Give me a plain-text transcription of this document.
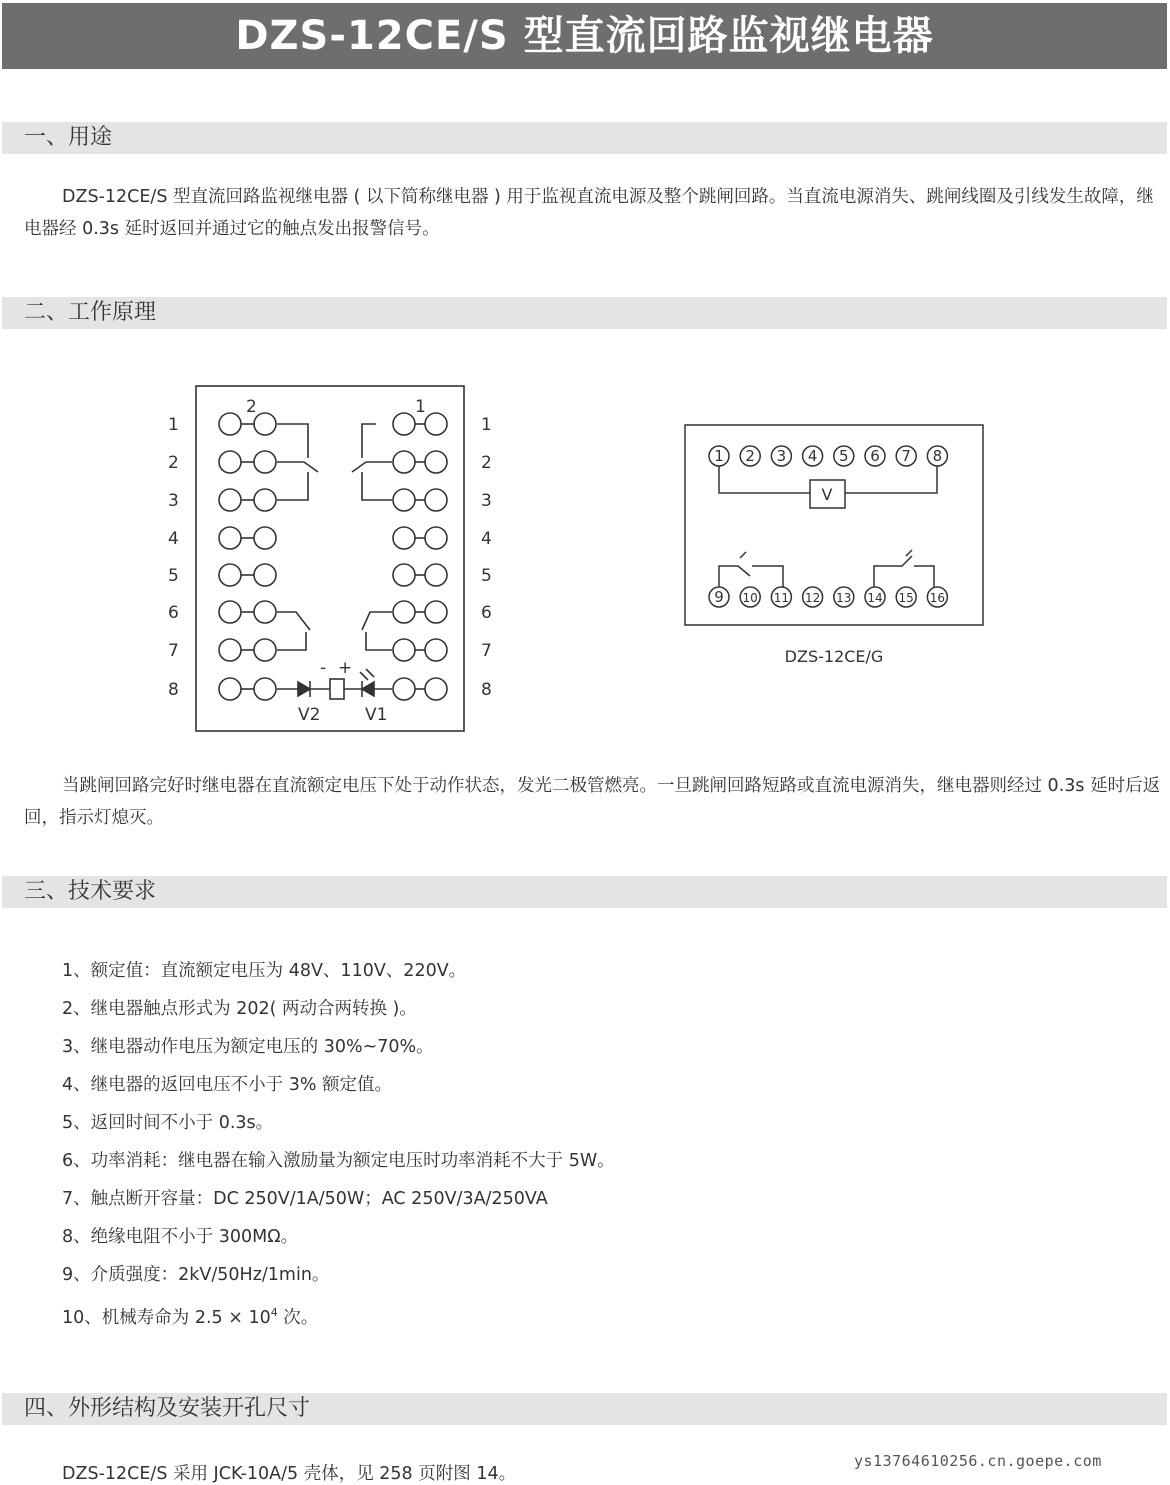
DZS-12CE/S 型直流回路监视继电器
一、用途
DZS-12CE/S 型直流回路监视继电器 ( 以下简称继电器 ) 用于监视直流电源及整个跳闸回路。当直流电源消失、跳闸线圈及引线发生故障，继电器经 0.3s 延时返回并通过它的触点发出报警信号。
二、工作原理
2	1
- +
V2	V1
1 2 3 4 5 6 7 8
9 10 11 12 13 14 15 16
V
DZS-12CE/G
1	1
2	2
3	3
4	4
5	5
6	6
7	7
8	8
当跳闸回路完好时继电器在直流额定电压下处于动作状态，发光二极管燃亮。一旦跳闸回路短路或直流电源消失，继电器则经过 0.3s 延时后返回，指示灯熄灭。
三、技术要求
1、额定值：直流额定电压为 48V、110V、220V。
2、继电器触点形式为 202( 两动合两转换 )。
3、继电器动作电压为额定电压的 30%~70%。
4、继电器的返回电压不小于 3% 额定值。
5、返回时间不小于 0.3s。
6、功率消耗：继电器在输入激励量为额定电压时功率消耗不大于 5W。
7、触点断开容量：DC 250V/1A/50W；AC 250V/3A/250VA
8、绝缘电阻不小于 300MΩ。
9、介质强度：2kV/50Hz/1min。
10、机械寿命为 $2.5 \times 10^4$ 次。
四、外形结构及安装开孔尺寸
DZS-12CE/S 采用 JCK-10A/5 壳体，见 258 页附图 14。
ys13764610256.cn.goepe.com
